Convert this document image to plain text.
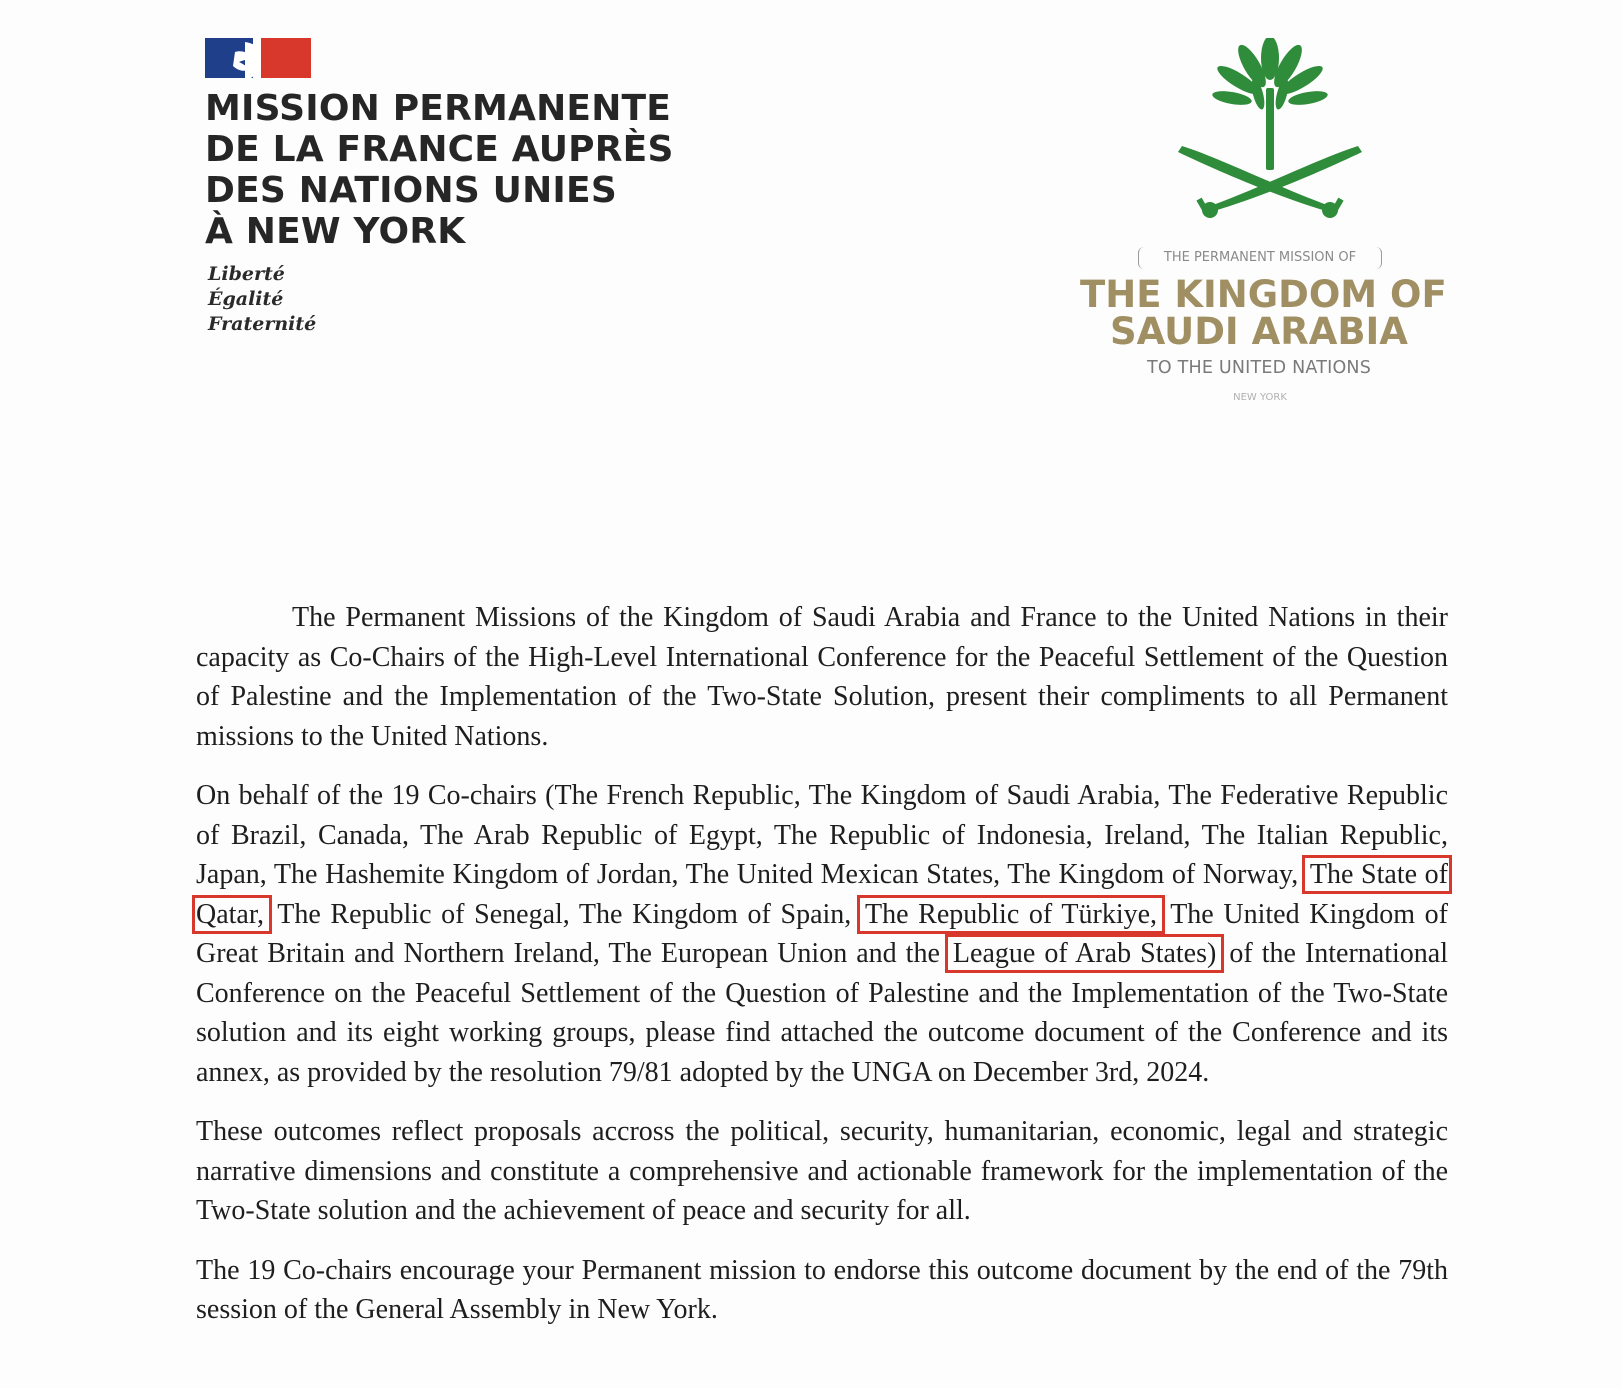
MISSION PERMANENTE
DE LA FRANCE AUPRÈS
DES NATIONS UNIES
À NEW YORK
Liberté
Égalité
Fraternité
THE PERMANENT MISSION OF
THE KINGDOM OF
SAUDI ARABIA
TO THE UNITED NATIONS
NEW YORK

The Permanent Missions of the Kingdom of Saudi Arabia and France to the United Nations in their capacity as Co-Chairs of the High-Level International Conference for the Peaceful Settlement of the Question of Palestine and the Implementation of the Two-State Solution, present their compliments to all Permanent missions to the United Nations.

On behalf of the 19 Co-chairs (The French Republic, The Kingdom of Saudi Arabia, The Federative Republic of Brazil, Canada, The Arab Republic of Egypt, The Republic of Indonesia, Ireland, The Italian Republic, Japan, The Hashemite Kingdom of Jordan, The United Mexican States, The Kingdom of Norway, The State of Qatar, The Republic of Senegal, The Kingdom of Spain, The Republic of Türkiye, The United Kingdom of Great Britain and Northern Ireland, The European Union and the League of Arab States) of the International Conference on the Peaceful Settlement of the Question of Palestine and the Implementation of the Two-State solution and its eight working groups, please find attached the outcome document of the Conference and its annex, as provided by the resolution 79/81 adopted by the UNGA on December 3rd, 2024.

These outcomes reflect proposals accross the political, security, humanitarian, economic, legal and strategic narrative dimensions and constitute a comprehensive and actionable framework for the implementation of the Two-State solution and the achievement of peace and security for all.

The 19 Co-chairs encourage your Permanent mission to endorse this outcome document by the end of the 79th session of the General Assembly in New York.
